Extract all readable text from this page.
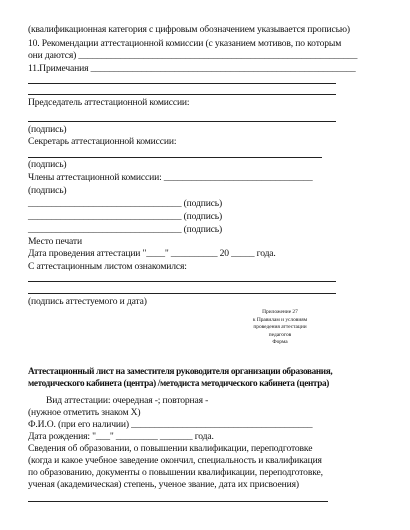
(квалификационная категория с цифровым обозначением указывается прописью)
10. Рекомендации аттестационной комиссии (с указанием мотивов, по которым
они даются) ____________________________________________________________
11.Примечания _________________________________________________________
Председатель аттестационной комиссии:
(подпись)
Секретарь аттестационной комиссии:
(подпись)
Члены аттестационной комиссии: ________________________________
(подпись)
_________________________________ (подпись)
_________________________________ (подпись)
_________________________________ (подпись)
Место печати
Дата проведения аттестации "____" __________ 20 _____ года.
С аттестационным листом ознакомился:
(подпись аттестуемого и дата)
Приложение 27
к Правилам и условиям
проведения аттестации
педагогов
Форма
Аттестационный лист на заместителя руководителя организации образования,
методического кабинета (центра) /методиста методического кабинета (центра)
Вид аттестации: очередная -; повторная -
(нужное отметить знаком Х)
Ф.И.О. (при его наличии) _______________________________________
Дата рождения: "___" _________ _______ года.
Сведения об образовании, о повышении квалификации, переподготовке
(когда и какое учебное заведение окончил, специальность и квалификация
по образованию, документы о повышении квалификации, переподготовке,
ученая (академическая) степень, ученое звание, дата их присвоения)
